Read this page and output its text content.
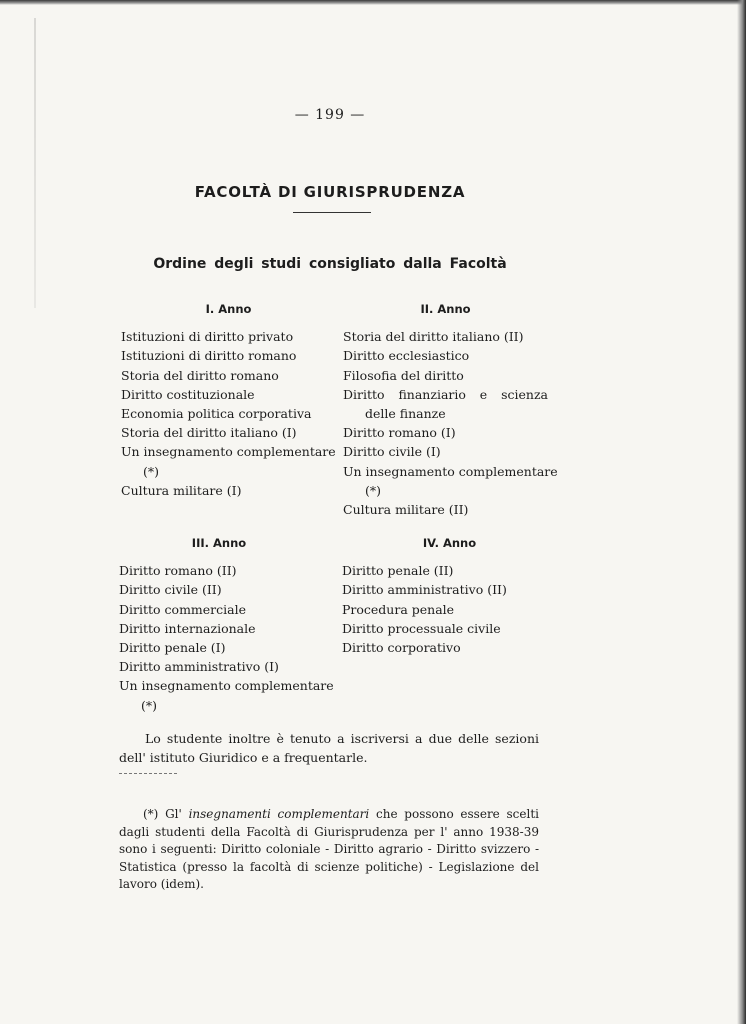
— 199 —
FACOLTÀ DI GIURISPRUDENZA
Ordine degli studi consigliato dalla Facoltà
I. Anno
Istituzioni di diritto privato
Istituzioni di diritto romano
Storia del diritto romano
Diritto costituzionale
Economia politica corporativa
Storia del diritto italiano (I)
Un insegnamento complementare (*)
Cultura militare (I)
II. Anno
Storia del diritto italiano (II)
Diritto ecclesiastico
Filosofia del diritto
Diritto finanziario e scienza delle finanze
Diritto romano (I)
Diritto civile (I)
Un insegnamento complementare (*)
Cultura militare (II)
III. Anno
Diritto romano (II)
Diritto civile (II)
Diritto commerciale
Diritto internazionale
Diritto penale (I)
Diritto amministrativo (I)
Un insegnamento complementare (*)
IV. Anno
Diritto penale (II)
Diritto amministrativo (II)
Procedura penale
Diritto processuale civile
Diritto corporativo

Lo studente inoltre è tenuto a iscriversi a due delle sezioni dell' istituto Giuridico e a frequentarle.

(*) Gl' insegnamenti complementari che possono essere scelti dagli studenti della Facoltà di Giurisprudenza per l' anno 1938-39 sono i seguenti: Diritto coloniale - Diritto agrario - Diritto svizzero - Statistica (presso la facoltà di scienze politiche) - Legislazione del lavoro (idem).
